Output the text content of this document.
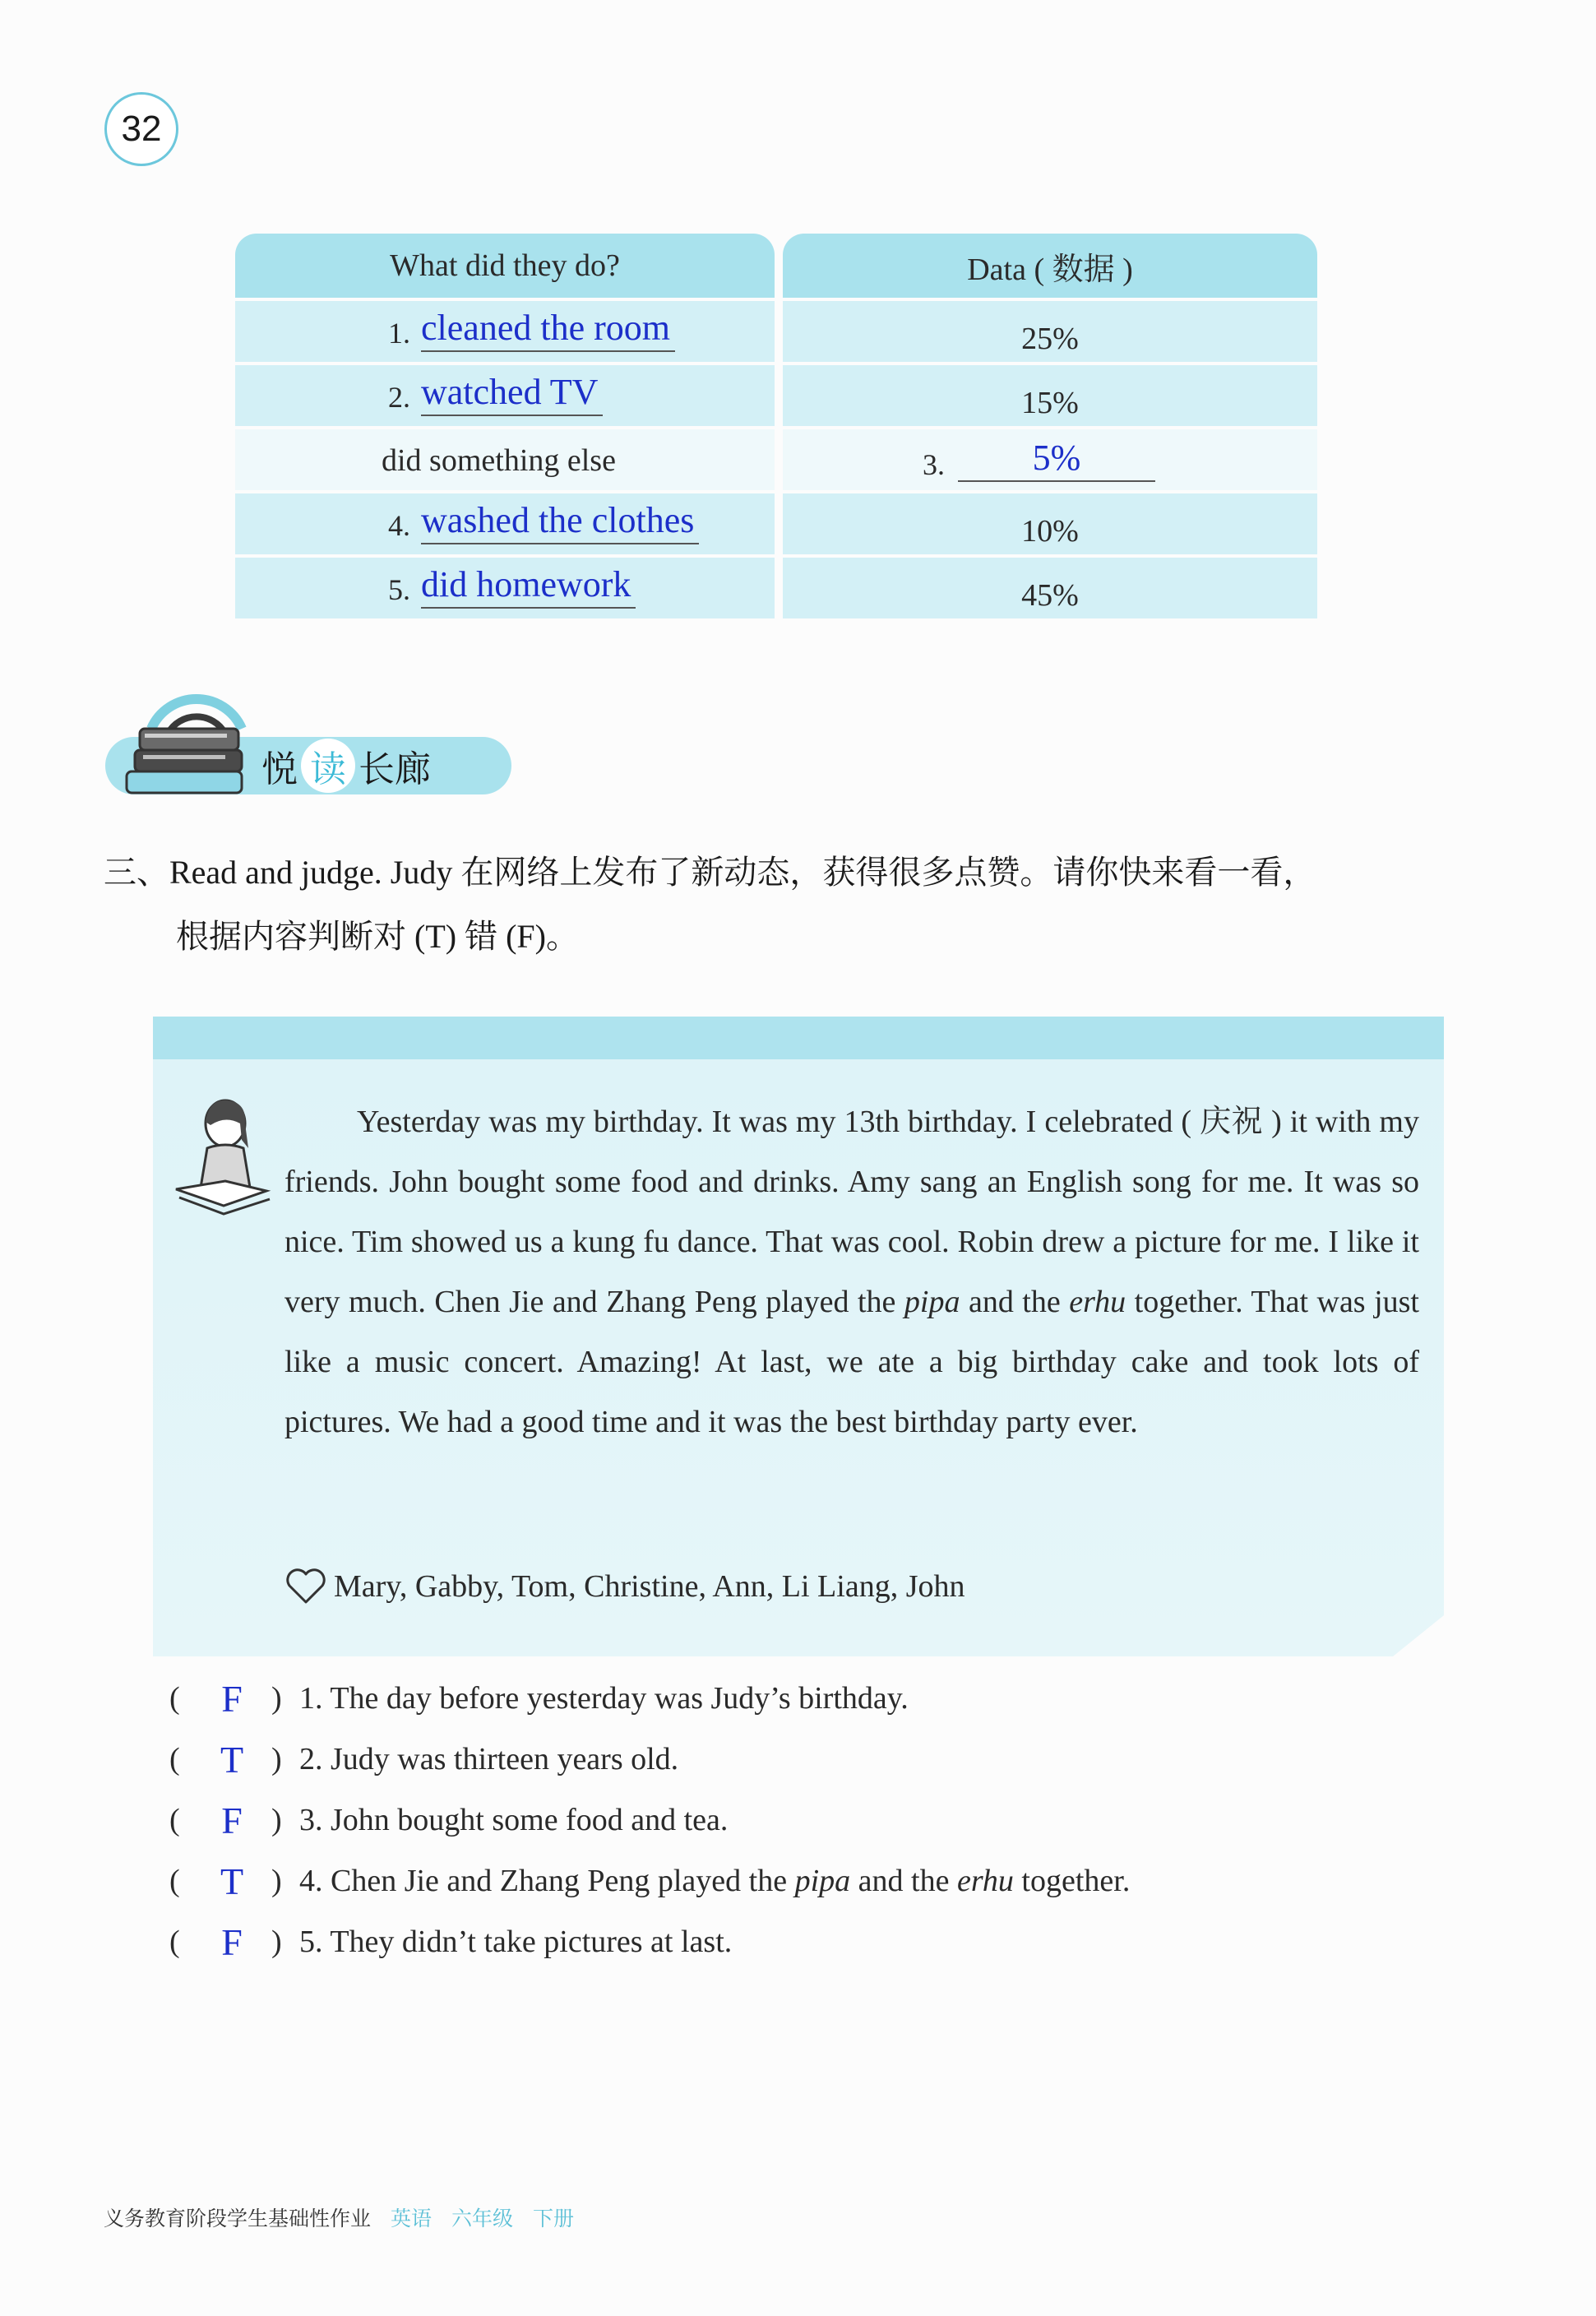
32
What did they do?	Data ( 数据 )
1. cleaned the room	25%
2. watched TV	15%
did something else	3.	5%
4. washed the clothes	10%
5. did homework	45%
悦 读 长廊
三、Read and judge. Judy 在网络上发布了新动态，获得很多点赞。请你快来看一看，
根据内容判断对 (T) 错 (F)。
Yesterday was my birthday. It was my 13th birthday. I celebrated ( 庆祝 ) it with my friends. John bought some food and drinks. Amy sang an English song for me. It was so nice. Tim showed us a kung fu dance. That was cool. Robin drew a picture for me. I like it very much. Chen Jie and Zhang Peng played the pipa and the erhu together. That was just like a music concert. Amazing! At last, we ate a big birthday cake and took lots of pictures. We had a good time and it was the best birthday party ever.
Mary, Gabby, Tom, Christine, Ann, Li Liang, John
(	F ) 1. The day before yesterday was Judy’s birthday.
(	T ) 2. Judy was thirteen years old.
(	F ) 3. John bought some food and tea.
(	T ) 4. Chen Jie and Zhang Peng played the pipa and the erhu together.
(	F ) 5. They didn’t take pictures at last.
义务教育阶段学生基础性作业 英语 六年级 下册
